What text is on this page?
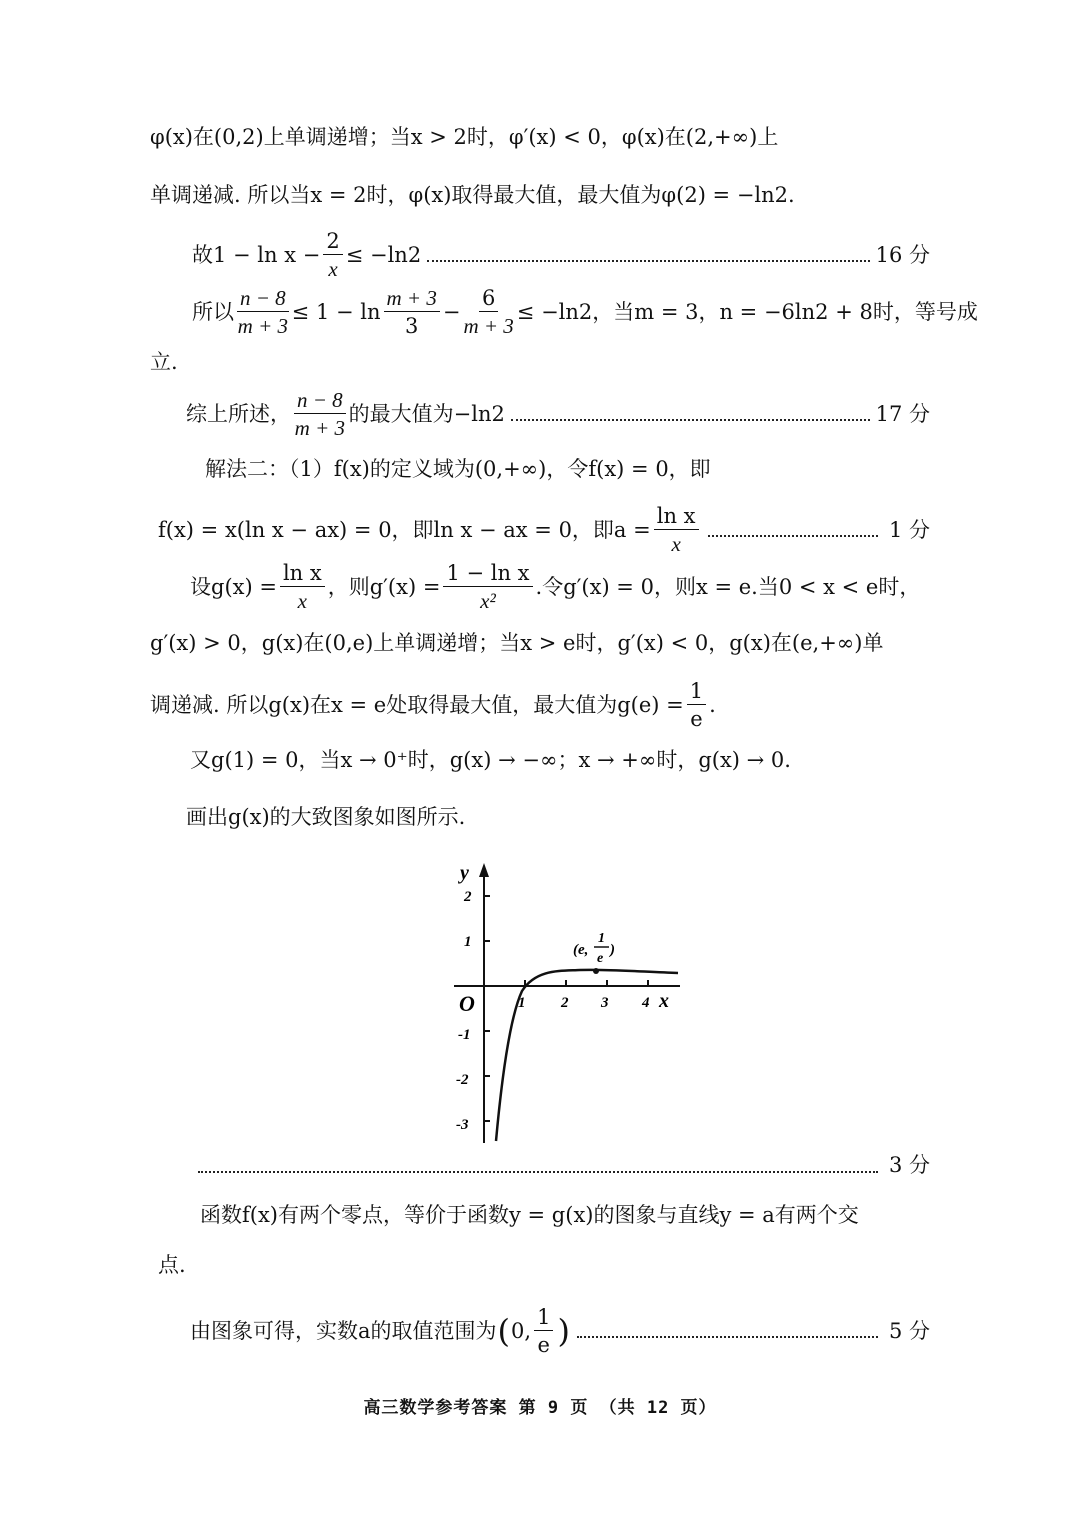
φ(x)在(0,2)上单调递增；当x > 2时，φ′(x) < 0，φ(x)在(2,+∞)上
单调递减. 所以当x = 2时，φ(x)取得最大值，最大值为φ(2) = −ln2.
故$1 - \ln x - \frac{2}{x} \le -\ln 2$	16 分
所以 $\frac{n - 8}{m + 3} \le 1 - \ln \frac{m + 3}{3} - \frac{6}{m + 3} \le -\ln 2$，当m = 3，n = −6ln2 + 8时，等号成
立.
综上所述， $\frac{n - 8}{m + 3}$ 的最大值为−ln2	17 分
解法二：（1）f(x)的定义域为(0,+∞)，令f(x) = 0，即
f(x) = x(ln x − ax) = 0，即ln x − ax = 0，即$a = \frac{\text{ln x}}{x}$	1 分
设$g(x) = \frac{\text{ln x}}{x}$ ，则$g'(x) = \frac{\text{1 − ln x}}{\text{x²}}$ .令g′(x) = 0，则x = e.当0 < x < e时，
g′(x) > 0，g(x)在(0,e)上单调递增；当x > e时，g′(x) < 0，g(x)在(e,+∞)单
调递减. 所以g(x)在x = e处取得最大值，最大值为$g(e) = \frac{1}{e}$ .
又g(1) = 0，当x → 0⁺时，g(x) → −∞；x → +∞时，g(x) → 0.
画出g(x)的大致图象如图所示.
y
x
O	1 2 3 4
2
1
-1
-2
-3
(e,
1
e
)
3 分
函数f(x)有两个零点，等价于函数y = g(x)的图象与直线y = a有两个交
点.
由图象可得，实数a的取值范围为 ( 0, $\frac{1}{e}$ )	5 分
高三数学参考答案 第 9 页 （共 12 页）
